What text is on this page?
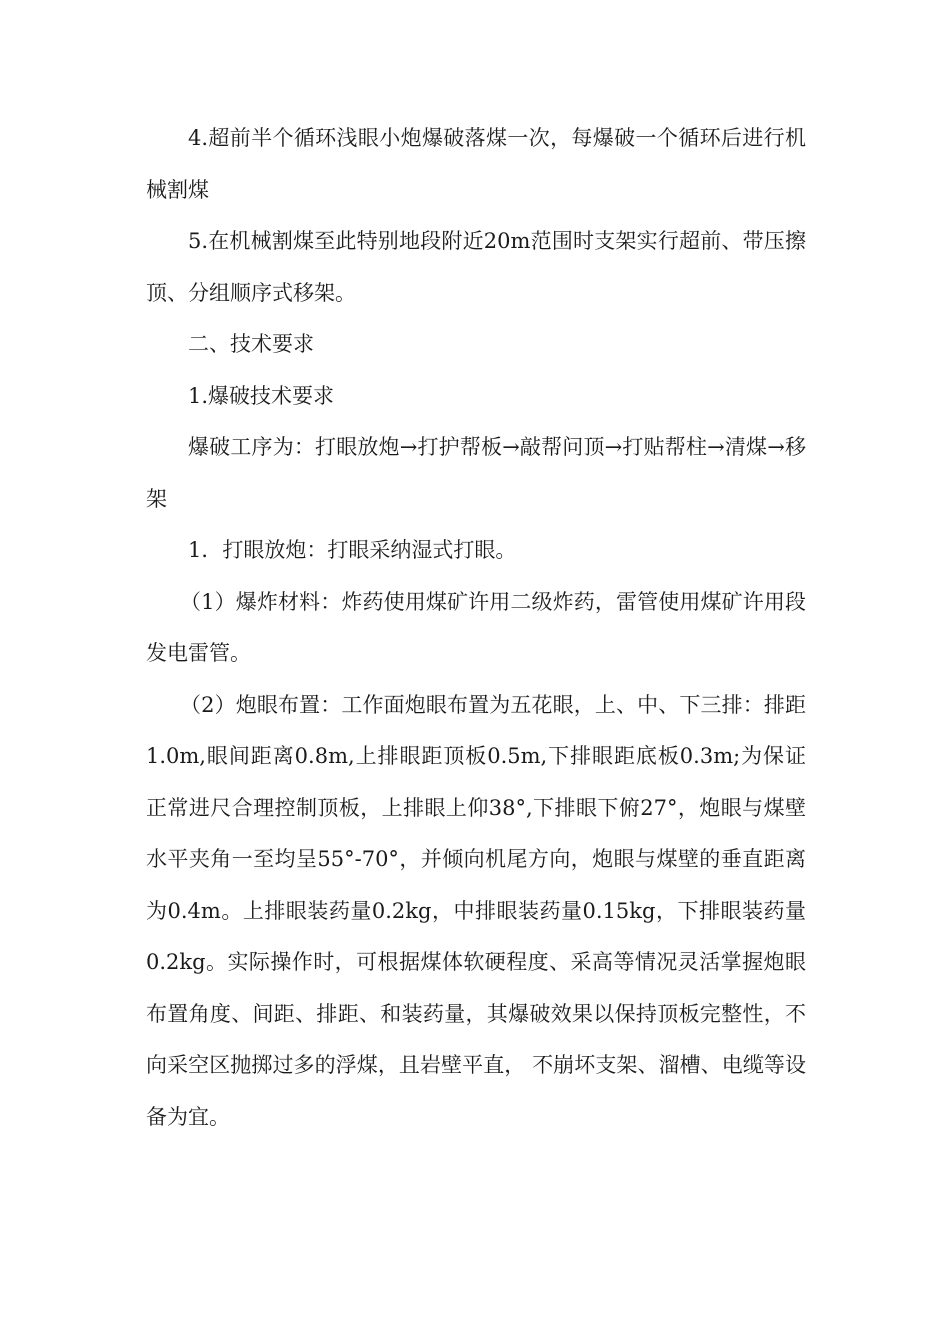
4.超前半个循环浅眼小炮爆破落煤一次，每爆破一个循环后进行机械割煤

5.在机械割煤至此特别地段附近20m范围时支架实行超前、带压擦顶、分组顺序式移架。

二、技术要求

1.爆破技术要求

爆破工序为：打眼放炮→打护帮板→敲帮问顶→打贴帮柱→清煤→移架

1．打眼放炮：打眼采纳湿式打眼。

（1）爆炸材料：炸药使用煤矿许用二级炸药，雷管使用煤矿许用段发电雷管。

（2）炮眼布置：工作面炮眼布置为五花眼，上、中、下三排：排距1.0m,眼间距离0.8m,上排眼距顶板0.5m,下排眼距底板0.3m;为保证正常进尺合理控制顶板，上排眼上仰38°,下排眼下俯27°，炮眼与煤壁水平夹角一至均呈55°-70°，并倾向机尾方向，炮眼与煤壁的垂直距离为0.4m。上排眼装药量0.2kg，中排眼装药量0.15kg，下排眼装药量0.2kg。实际操作时，可根据煤体软硬程度、采高等情况灵活掌握炮眼布置角度、间距、排距、和装药量，其爆破效果以保持顶板完整性，不向采空区抛掷过多的浮煤，且岩壁平直， 不崩坏支架、溜槽、电缆等设备为宜。
